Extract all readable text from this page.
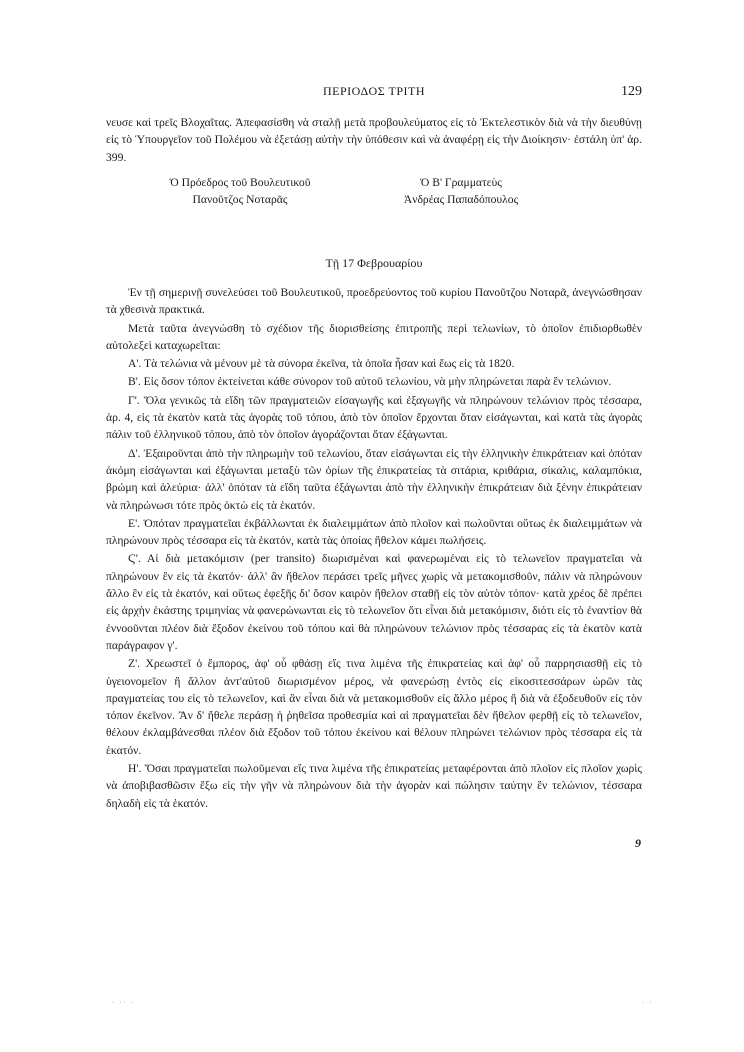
ΠΕΡΙΟΔΟΣ ΤΡΙΤΗ	129

νευσε καὶ τρεῖς Βλοχαῖτας. Ἀπεφασίσθη νὰ σταλῇ μετὰ προβουλεύματος εἰς τὸ Ἐκτελεστικὸν διὰ νὰ τὴν διευθύνῃ εἰς τὸ Ὑπουργεῖον τοῦ Πολέμου νὰ ἐξετάσῃ αὐτὴν τὴν ὑπόθεσιν καὶ νὰ ἀναφέρῃ εἰς τὴν Διοίκησιν· ἐστάλη ὑπ' ἀρ. 399.

Ὁ Πρόεδρος τοῦ Βουλευτικοῦ
Πανοῦτζος Νοταρᾶς
Ὁ Β' Γραμματεὺς
Ἀνδρέας Παπαδόπουλος
Τῇ 17 Φεβρουαρίου

Ἐν τῇ σημερινῇ συνελεύσει τοῦ Βουλευτικοῦ, προεδρεύοντος τοῦ κυρίου Πανοῦτζου Νοταρᾶ, ἀνεγνώσθησαν τὰ χθεσινὰ πρακτικά.

Μετὰ ταῦτα ἀνεγνώσθη τὸ σχέδιον τῆς διορισθείσης ἐπιτροπῆς περὶ τελωνίων, τὸ ὁποῖον ἐπιδιορθωθὲν αὐτολεξεὶ καταχωρεῖται:

Α'. Τὰ τελώνια νὰ μένουν μὲ τὰ σύνορα ἐκεῖνα, τὰ ὁποῖα ἦσαν καὶ ἕως εἰς τὰ 1820.

Β'. Εἰς ὅσον τόπον ἐκτείνεται κάθε σύνορον τοῦ αὐτοῦ τελωνίου, νὰ μὴν πληρώνεται παρὰ ἓν τελώνιον.

Γ'. Ὅλα γενικῶς τὰ εἴδη τῶν πραγματειῶν εἰσαγωγῆς καὶ ἐξαγωγῆς νὰ πληρώνουν τελώνιον πρὸς τέσσαρα, ἀρ. 4, εἰς τὰ ἑκατὸν κατὰ τὰς ἀγορὰς τοῦ τόπου, ἀπὸ τὸν ὁποῖον ἔρχονται ὅταν εἰσάγωνται, καὶ κατὰ τὰς ἀγορὰς πάλιν τοῦ ἑλληνικοῦ τόπου, ἀπὸ τὸν ὁποῖον ἀγοράζονται ὅταν ἐξάγωνται.

Δ'. Ἐξαιροῦνται ἀπὸ τὴν πληρωμὴν τοῦ τελωνίου, ὅταν εἰσάγωνται εἰς τὴν ἑλληνικὴν ἐπικράτειαν καὶ ὁπόταν ἀκόμη εἰσάγωνται καὶ ἐξάγωνται μεταξὺ τῶν ὁρίων τῆς ἐπικρατείας τὰ σιτάρια, κριθάρια, σίκαλις, καλαμπόκια, βρώμη καὶ ἀλεύρια· ἀλλ' ὁπόταν τὰ εἴδη ταῦτα ἐξάγωνται ἀπὸ τὴν ἑλληνικὴν ἐπικράτειαν διὰ ξένην ἐπικράτειαν νὰ πληρώνωσι τότε πρὸς ὀκτὼ εἰς τὰ ἑκατόν.

Ε'. Ὁπόταν πραγματεῖαι ἐκβάλλωνται ἐκ διαλειμμάτων ἀπὸ πλοῖον καὶ πωλοῦνται οὕτως ἐκ διαλειμμάτων νὰ πληρώνουν πρὸς τέσσαρα εἰς τὰ ἑκατόν, κατὰ τὰς ὁποίας ἤθελον κάμει πωλήσεις.

Ϛ'. Αἱ διὰ μετακόμισιν (per transito) διωρισμέναι καὶ φανερωμέναι εἰς τὸ τελωνεῖον πραγματεῖαι νὰ πληρώνουν ἓν εἰς τὰ ἑκατόν· ἀλλ' ἂν ἤθελον περάσει τρεῖς μῆνες χωρὶς νὰ μετακομισθοῦν, πάλιν νὰ πληρώνουν ἄλλο ἓν εἰς τὰ ἑκατόν, καὶ οὕτως ἐφεξῆς δι' ὅσον καιρὸν ἤθελον σταθῇ εἰς τὸν αὐτὸν τόπον· κατὰ χρέος δὲ πρέπει εἰς ἀρχὴν ἑκάστης τριμηνίας νὰ φανερώνωνται εἰς τὸ τελωνεῖον ὅτι εἶναι διὰ μετακόμισιν, διότι εἰς τὸ ἐναντίον θὰ ἐννοοῦνται πλέον διὰ ἔξοδον ἐκείνου τοῦ τόπου καὶ θὰ πληρώνουν τελώνιον πρὸς τέσσαρας εἰς τὰ ἑκατὸν κατὰ παράγραφον γ'.

Ζ'. Χρεωστεῖ ὁ ἔμπορος, ἀφ' οὗ φθάσῃ εἴς τινα λιμένα τῆς ἐπικρατείας καὶ ἀφ' οὗ παρρησιασθῇ εἰς τὸ ὑγειονομεῖον ἢ ἄλλον ἀντ'αὐτοῦ διωρισμένον μέρος, νὰ φανερώσῃ ἐντὸς εἰς εἰκοσιτεσσάρων ὡρῶν τὰς πραγματείας του εἰς τὸ τελωνεῖον, καὶ ἂν εἶναι διὰ νὰ μετακομισθοῦν εἰς ἄλλο μέρος ἢ διὰ νὰ ἐξοδευθοῦν εἰς τὸν τόπον ἐκεῖνον. Ἂν δ' ἤθελε περάσῃ ἡ ῥηθεῖσα προθεσμία καὶ αἱ πραγματεῖαι δὲν ἤθελον φερθῇ εἰς τὸ τελωνεῖον, θέλουν ἐκλαμβάνεσθαι πλέον διὰ ἔξοδον τοῦ τόπου ἐκείνου καὶ θέλουν πληρώνει τελώνιον πρὸς τέσσαρα εἰς τὰ ἑκατόν.

Η'. Ὅσαι πραγματεῖαι πωλοῦμεναι εἴς τινα λιμένα τῆς ἐπικρατείας μεταφέρονται ἀπὸ πλοῖον εἰς πλοῖον χωρὶς νὰ ἀποβιβασθῶσιν ἔξω εἰς τὴν γῆν νὰ πληρώνουν διὰ τὴν ἀγορὰν καὶ πώλησιν ταύτην ἓν τελώνιον, τέσσαρα δηλαδὴ εἰς τὰ ἑκατόν.

9
· ·· ·	· ·
